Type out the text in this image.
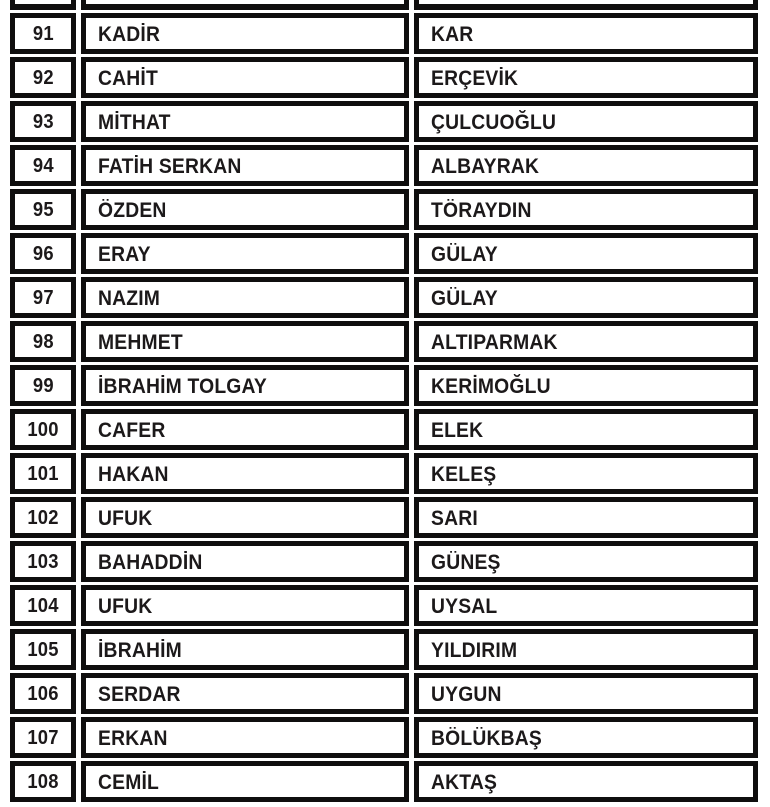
91 KADİR	KAR
92 CAHİT	ERÇEVİK
93 MİTHAT	ÇULCUOĞLU
94 FATİH SERKAN	ALBAYRAK
95 ÖZDEN	TÖRAYDIN
96 ERAY	GÜLAY
97 NAZIM	GÜLAY
98 MEHMET	ALTIPARMAK
99 İBRAHİM TOLGAY	KERİMOĞLU
100 CAFER	ELEK
101 HAKAN	KELEŞ
102 UFUK	SARI
103 BAHADDİN	GÜNEŞ
104 UFUK	UYSAL
105 İBRAHİM	YILDIRIM
106 SERDAR	UYGUN
107 ERKAN	BÖLÜKBAŞ
108 CEMİL	AKTAŞ
